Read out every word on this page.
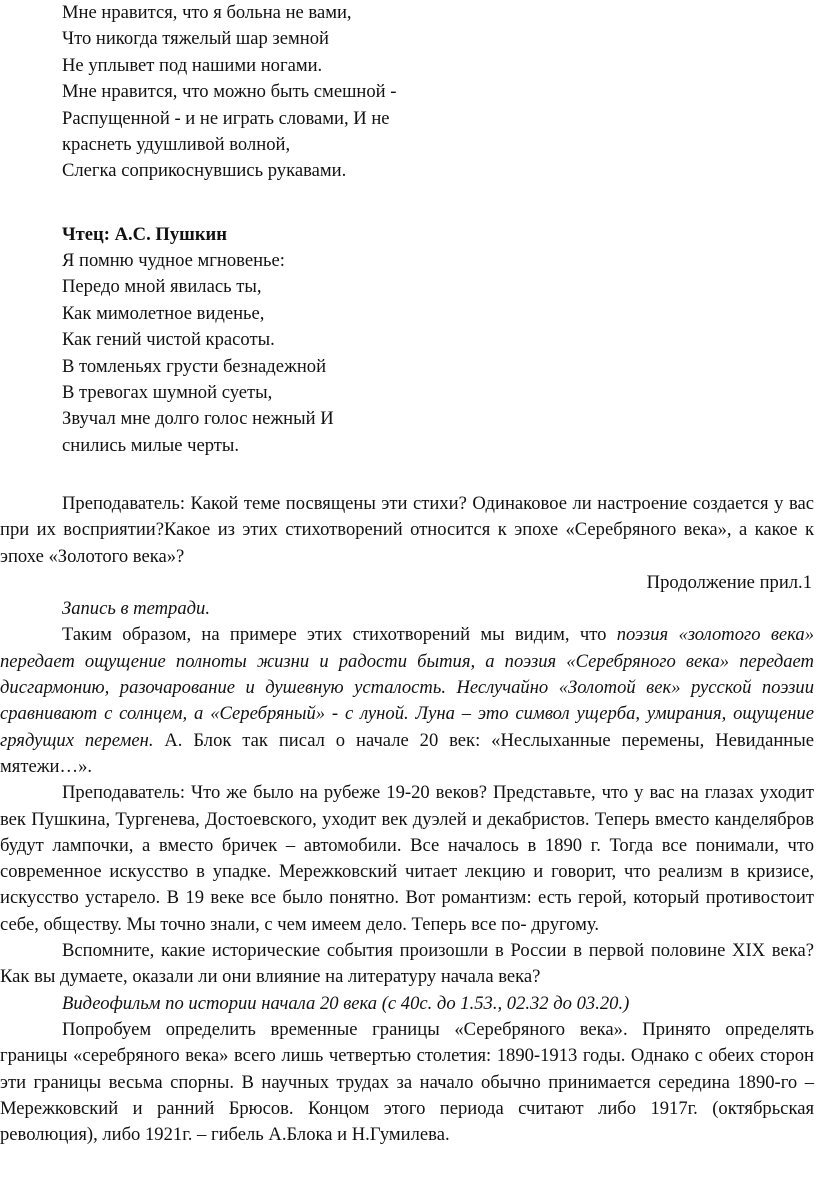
Мне нравится, что я больна не вами,
Что никогда тяжелый шар земной
Не уплывет под нашими ногами.
Мне нравится, что можно быть смешной -
Распущенной - и не играть словами, И не
краснеть удушливой волной,
Слегка соприкоснувшись рукавами.
Чтец: А.С. Пушкин
Я помню чудное мгновенье:
Передо мной явилась ты,
Как мимолетное виденье,
Как гений чистой красоты.
В томленьях грусти безнадежной
В тревогах шумной суеты,
Звучал мне долго голос нежный И
снились милые черты.

Преподаватель: Какой теме посвящены эти стихи? Одинаковое ли настроение создается у вас при их восприятии?Какое из этих стихотворений относится к эпохе «Серебряного века», а какое к эпохе «Золотого века»?

Продолжение прил.1

Запись в тетради.

Таким образом, на примере этих стихотворений мы видим, что поэзия «золотого века» передает ощущение полноты жизни и радости бытия, а поэзия «Серебряного века» передает дисгармонию, разочарование и душевную усталость. Неслучайно «Золотой век» русской поэзии сравнивают с солнцем, а «Серебряный» - с луной. Луна – это символ ущерба, умирания, ощущение грядущих перемен. А. Блок так писал о начале 20 век: «Неслыханные перемены, Невиданные мятежи…».

Преподаватель: Что же было на рубеже 19-20 веков? Представьте, что у вас на глазах уходит век Пушкина, Тургенева, Достоевского, уходит век дуэлей и декабристов. Теперь вместо канделябров будут лампочки, а вместо бричек – автомобили. Все началось в 1890 г. Тогда все понимали, что современное искусство в упадке. Мережковский читает лекцию и говорит, что реализм в кризисе, искусство устарело. В 19 веке все было понятно. Вот романтизм: есть герой, который противостоит себе, обществу. Мы точно знали, с чем имеем дело. Теперь все по- другому.

Вспомните, какие исторические события произошли в России в первой половине XIX века? Как вы думаете, оказали ли они влияние на литературу начала века?

Видеофильм по истории начала 20 века (с 40с. до 1.53., 02.32 до 03.20.)

Попробуем определить временные границы «Серебряного века». Принято определять границы «серебряного века» всего лишь четвертью столетия: 1890-1913 годы. Однако с обеих сторон эти границы весьма спорны. В научных трудах за начало обычно принимается середина 1890-го – Мережковский и ранний Брюсов. Концом этого периода считают либо 1917г. (октябрьская революция), либо 1921г. – гибель А.Блока и Н.Гумилева.
